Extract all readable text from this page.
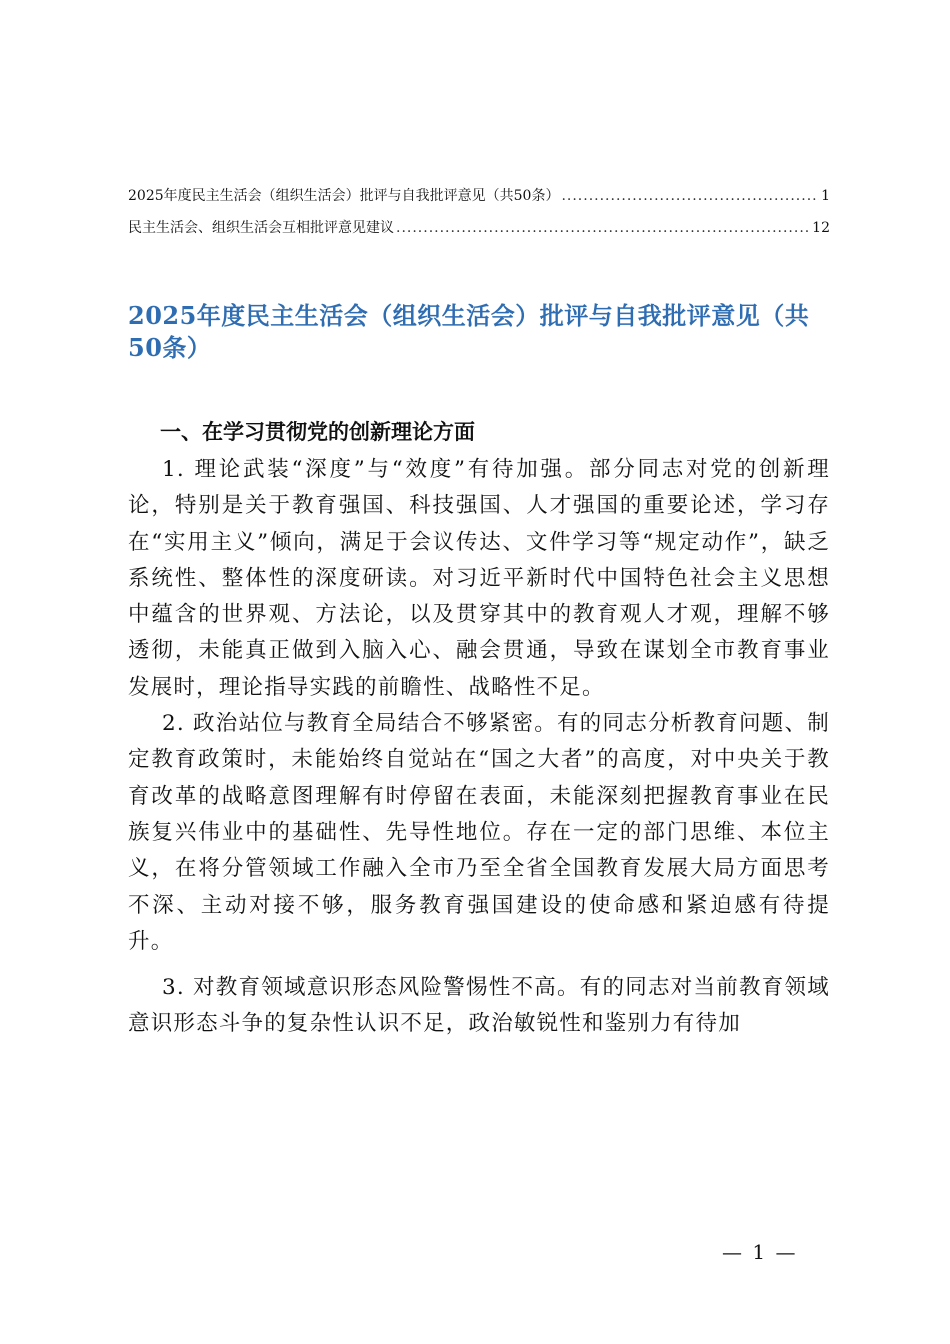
2025年度民主生活会（组织生活会）批评与自我批评意见（共50条） .....	1
民主生活会、组织生活会互相批评意见建议 .....	12
2025年度民主生活会（组织生活会）批评与自我批评意见（共50条）
一、在学习贯彻党的创新理论方面

1. 理论武装“深度”与“效度”有待加强。部分同志对党的创新理论，特别是关于教育强国、科技强国、人才强国的重要论述，学习存在“实用主义”倾向，满足于会议传达、文件学习等“规定动作”，缺乏系统性、整体性的深度研读。对习近平新时代中国特色社会主义思想中蕴含的世界观、方法论，以及贯穿其中的教育观人才观，理解不够透彻，未能真正做到入脑入心、融会贯通，导致在谋划全市教育事业发展时，理论指导实践的前瞻性、战略性不足。

2. 政治站位与教育全局结合不够紧密。有的同志分析教育问题、制定教育政策时，未能始终自觉站在“国之大者”的高度，对中央关于教育改革的战略意图理解有时停留在表面，未能深刻把握教育事业在民族复兴伟业中的基础性、先导性地位。存在一定的部门思维、本位主义，在将分管领域工作融入全市乃至全省全国教育发展大局方面思考不深、主动对接不够，服务教育强国建设的使命感和紧迫感有待提升。

3. 对教育领域意识形态风险警惕性不高。有的同志对当前教育领域意识形态斗争的复杂性认识不足，政治敏锐性和鉴别力有待加

— 1 —
